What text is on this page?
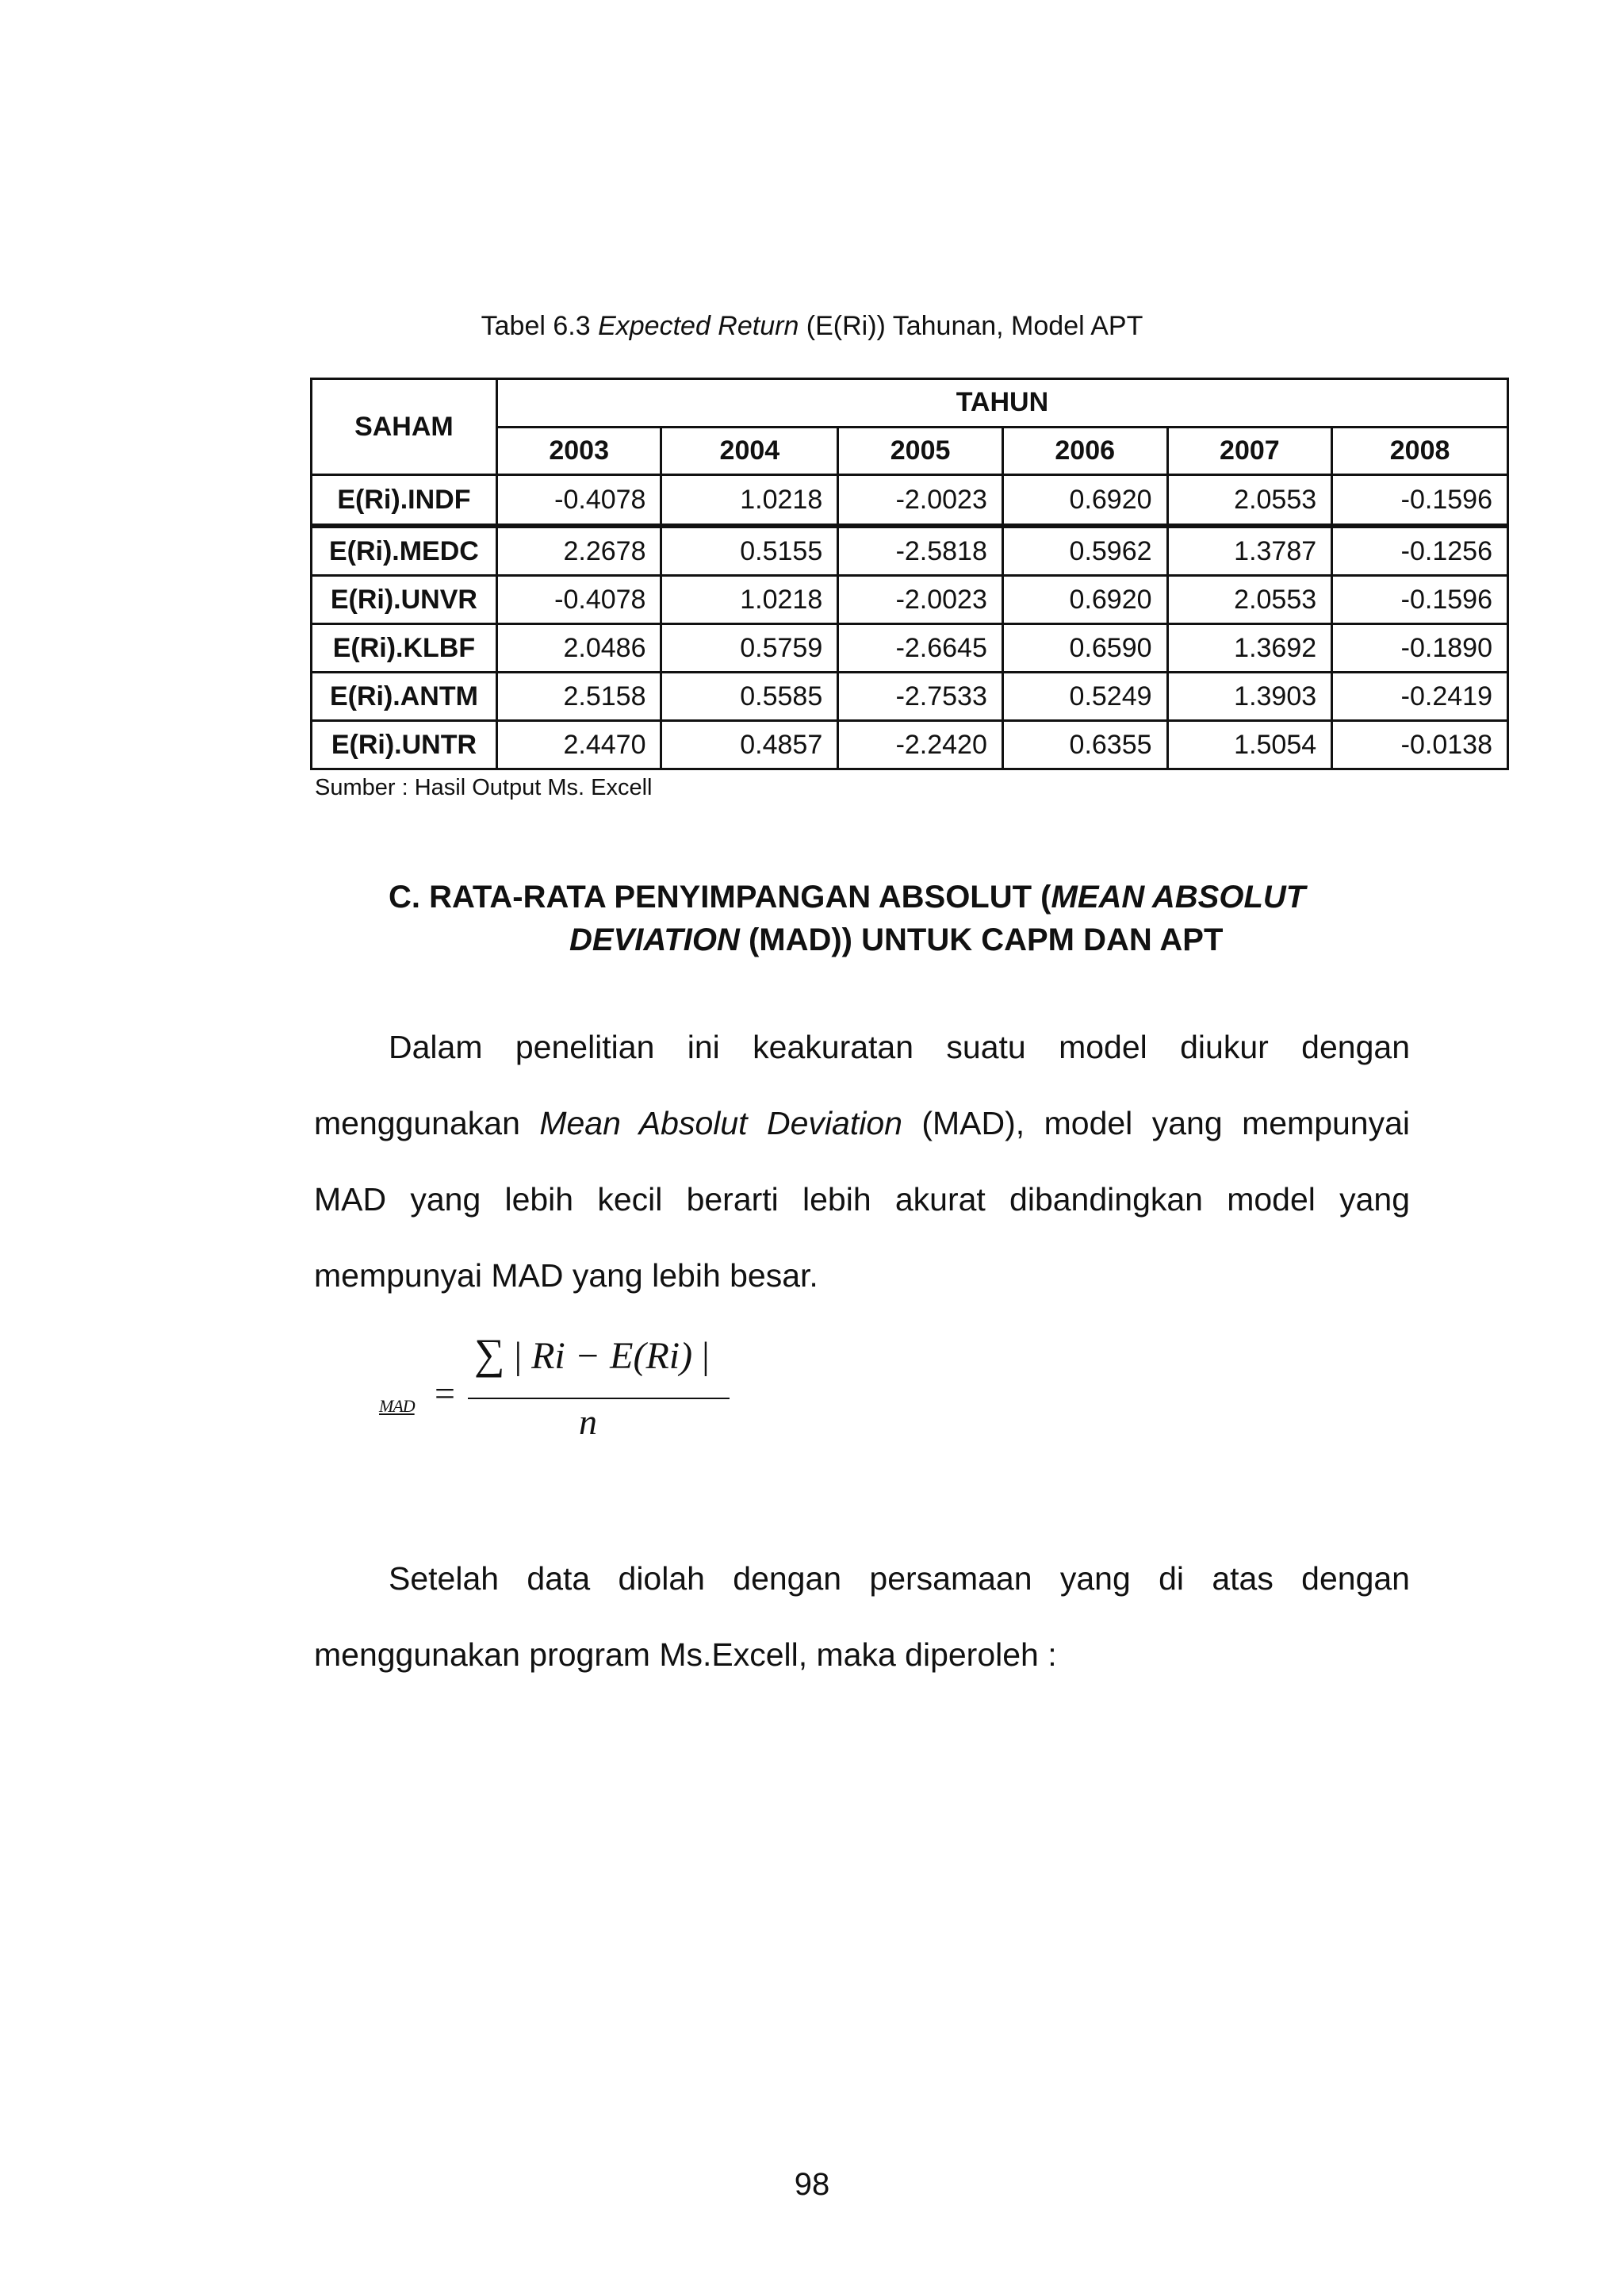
Tabel 6.3 Expected Return (E(Ri)) Tahunan, Model APT
SAHAM	TAHUN					
	2003	2004	2005	2006	2007	2008
E(Ri).INDF	-0.4078	1.0218	-2.0023	0.6920	2.0553	-0.1596
E(Ri).MEDC	2.2678	0.5155	-2.5818	0.5962	1.3787	-0.1256
E(Ri).UNVR	-0.4078	1.0218	-2.0023	0.6920	2.0553	-0.1596
E(Ri).KLBF	2.0486	0.5759	-2.6645	0.6590	1.3692	-0.1890
E(Ri).ANTM	2.5158	0.5585	-2.7533	0.5249	1.3903	-0.2419
E(Ri).UNTR	2.4470	0.4857	-2.2420	0.6355	1.5054	-0.0138
Sumber : Hasil Output Ms. Excell
C. RATA-RATA PENYIMPANGAN ABSOLUT (MEAN ABSOLUT
DEVIATION (MAD)) UNTUK CAPM DAN APT
Dalam penelitian ini keakuratan suatu model diukur dengan menggunakan Mean Absolut Deviation (MAD), model yang mempunyai MAD yang lebih kecil berarti lebih akurat dibandingkan model yang mempunyai MAD yang lebih besar.
MAD =
∑ | Ri − E(Ri) |
n
Setelah data diolah dengan persamaan yang di atas dengan menggunakan program Ms.Excell, maka diperoleh :
98
